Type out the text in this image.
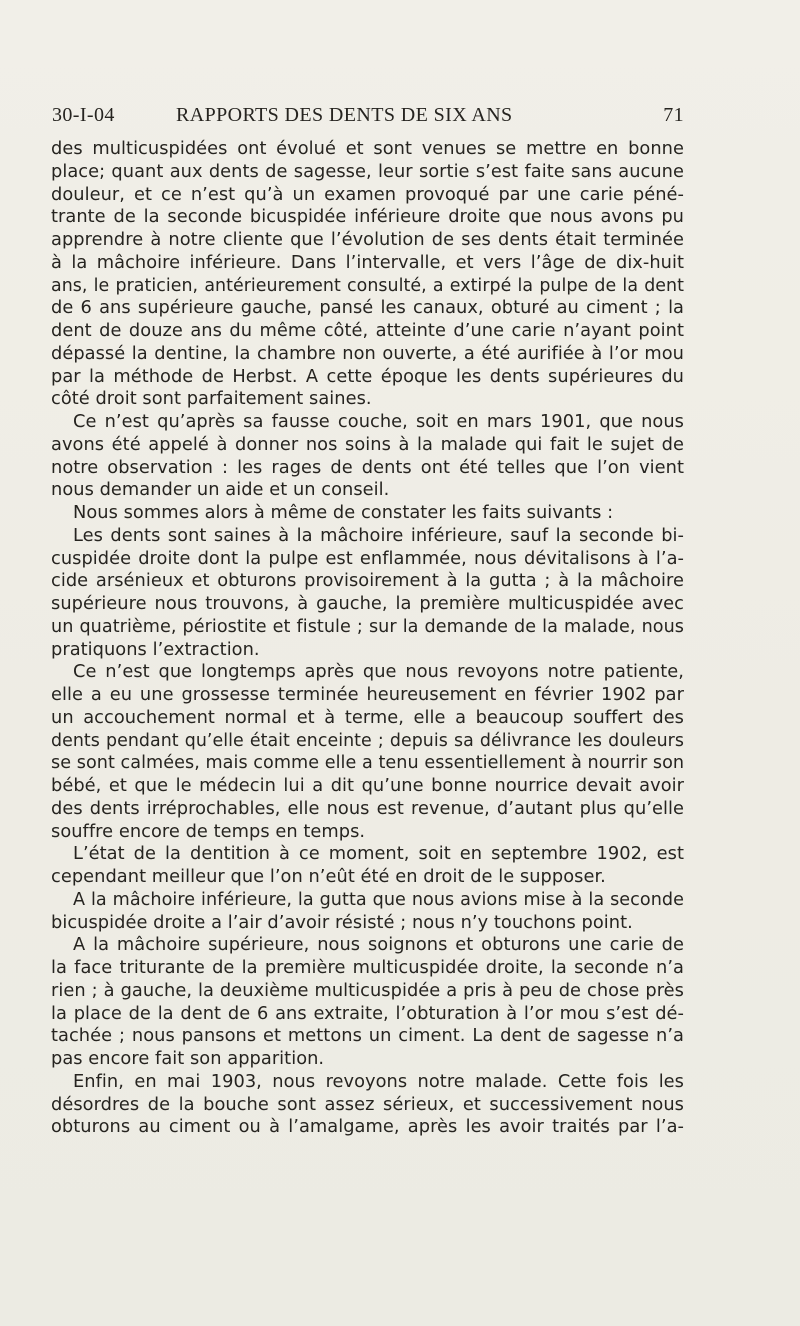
30-I-04	RAPPORTS DES DENTS DE SIX ANS	71
des multicuspidées ont évolué et sont venues se mettre en bonne
place; quant aux dents de sagesse, leur sortie s’est faite sans aucune
douleur, et ce n’est qu’à un examen provoqué par une carie péné-
trante de la seconde bicuspidée inférieure droite que nous avons pu
apprendre à notre cliente que l’évolution de ses dents était terminée
à la mâchoire inférieure. Dans l’intervalle, et vers l’âge de dix-huit
ans, le praticien, antérieurement consulté, a extirpé la pulpe de la dent
de 6 ans supérieure gauche, pansé les canaux, obturé au ciment ; la
dent de douze ans du même côté, atteinte d’une carie n’ayant point
dépassé la dentine, la chambre non ouverte, a été aurifiée à l’or mou
par la méthode de Herbst. A cette époque les dents supérieures du
côté droit sont parfaitement saines.
Ce n’est qu’après sa fausse couche, soit en mars 1901, que nous
avons été appelé à donner nos soins à la malade qui fait le sujet de
notre observation : les rages de dents ont été telles que l’on vient
nous demander un aide et un conseil.
Nous sommes alors à même de constater les faits suivants :
Les dents sont saines à la mâchoire inférieure, sauf la seconde bi-
cuspidée droite dont la pulpe est enflammée, nous dévitalisons à l’a-
cide arsénieux et obturons provisoirement à la gutta ; à la mâchoire
supérieure nous trouvons, à gauche, la première multicuspidée avec
un quatrième, périostite et fistule ; sur la demande de la malade, nous
pratiquons l’extraction.
Ce n’est que longtemps après que nous revoyons notre patiente,
elle a eu une grossesse terminée heureusement en février 1902 par
un accouchement normal et à terme, elle a beaucoup souffert des
dents pendant qu’elle était enceinte ; depuis sa délivrance les douleurs
se sont calmées, mais comme elle a tenu essentiellement à nourrir son
bébé, et que le médecin lui a dit qu’une bonne nourrice devait avoir
des dents irréprochables, elle nous est revenue, d’autant plus qu’elle
souffre encore de temps en temps.
L’état de la dentition à ce moment, soit en septembre 1902, est
cependant meilleur que l’on n’eût été en droit de le supposer.
A la mâchoire inférieure, la gutta que nous avions mise à la seconde
bicuspidée droite a l’air d’avoir résisté ; nous n’y touchons point.
A la mâchoire supérieure, nous soignons et obturons une carie de
la face triturante de la première multicuspidée droite, la seconde n’a
rien ; à gauche, la deuxième multicuspidée a pris à peu de chose près
la place de la dent de 6 ans extraite, l’obturation à l’or mou s’est dé-
tachée ; nous pansons et mettons un ciment. La dent de sagesse n’a
pas encore fait son apparition.
Enfin, en mai 1903, nous revoyons notre malade. Cette fois les
désordres de la bouche sont assez sérieux, et successivement nous
obturons au ciment ou à l’amalgame, après les avoir traités par l’a-
